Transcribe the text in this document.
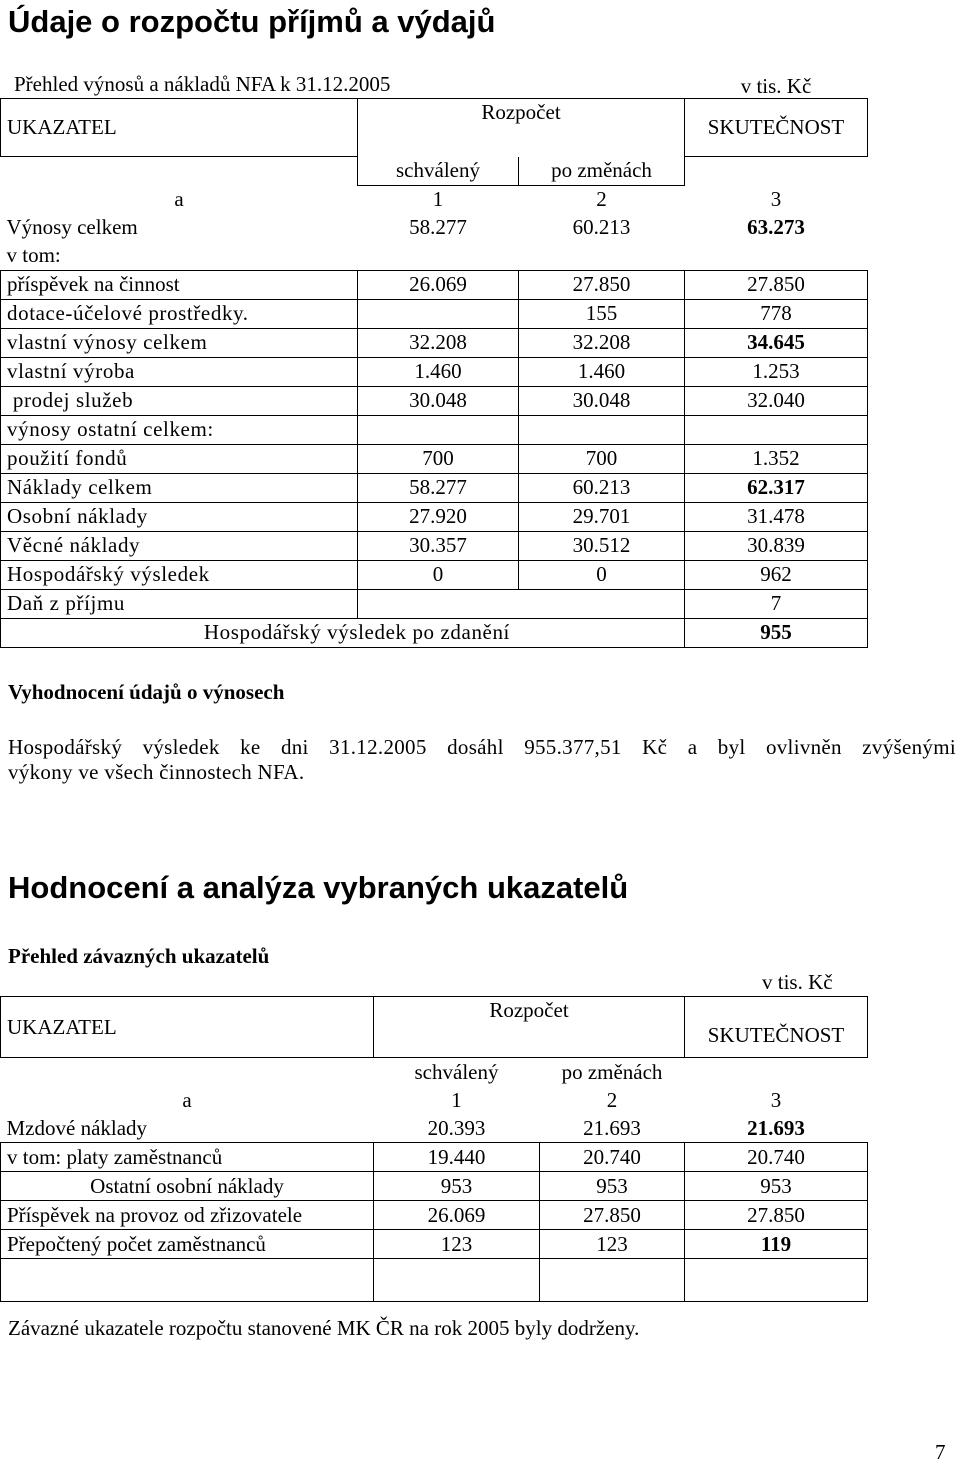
Údaje o rozpočtu příjmů a výdajů
Přehled výnosů a nákladů NFA k 31.12.2005
				v tis. Kč
UKAZATEL	Rozpočet		SKUTEČNOST
	schválený	po změnách	
a	1	2	3
Výnosy celkem	58.277	60.213	63.273
v tom:			
příspěvek na činnost	26.069	27.850	27.850
dotace-účelové prostředky.		155	778
vlastní výnosy celkem	32.208	32.208	34.645
vlastní výroba	1.460	1.460	1.253
prodej služeb	30.048	30.048	32.040
výnosy ostatní celkem:			
použití fondů	700	700	1.352
Náklady celkem	58.277	60.213	62.317
Osobní náklady	27.920	29.701	31.478
Věcné náklady	30.357	30.512	30.839
Hospodářský výsledek	0	0	962
Daň z příjmu			7
Hospodářský výsledek po zdanění			955
Vyhodnocení údajů o výnosech
Hospodářský výsledek ke dni 31.12.2005 dosáhl 955.377,51 Kč a byl ovlivněn zvýšenými
výkony ve všech činnostech NFA.
Hodnocení a analýza vybraných ukazatelů
Přehled závazných ukazatelů
UKAZATEL	Rozpočet		SKUTEČNOST
	schválený	po změnách	
a	1	2	3
Mzdové náklady	20.393	21.693	21.693
v tom: platy zaměstnanců	19.440	20.740	20.740
Ostatní osobní náklady	953	953	953
Příspěvek na provoz od zřizovatele	26.069	27.850	27.850
Přepočtený počet zaměstnanců	123	123	119

v tis. Kč
Závazné ukazatele rozpočtu stanovené MK ČR na rok 2005 byly dodrženy.
7
